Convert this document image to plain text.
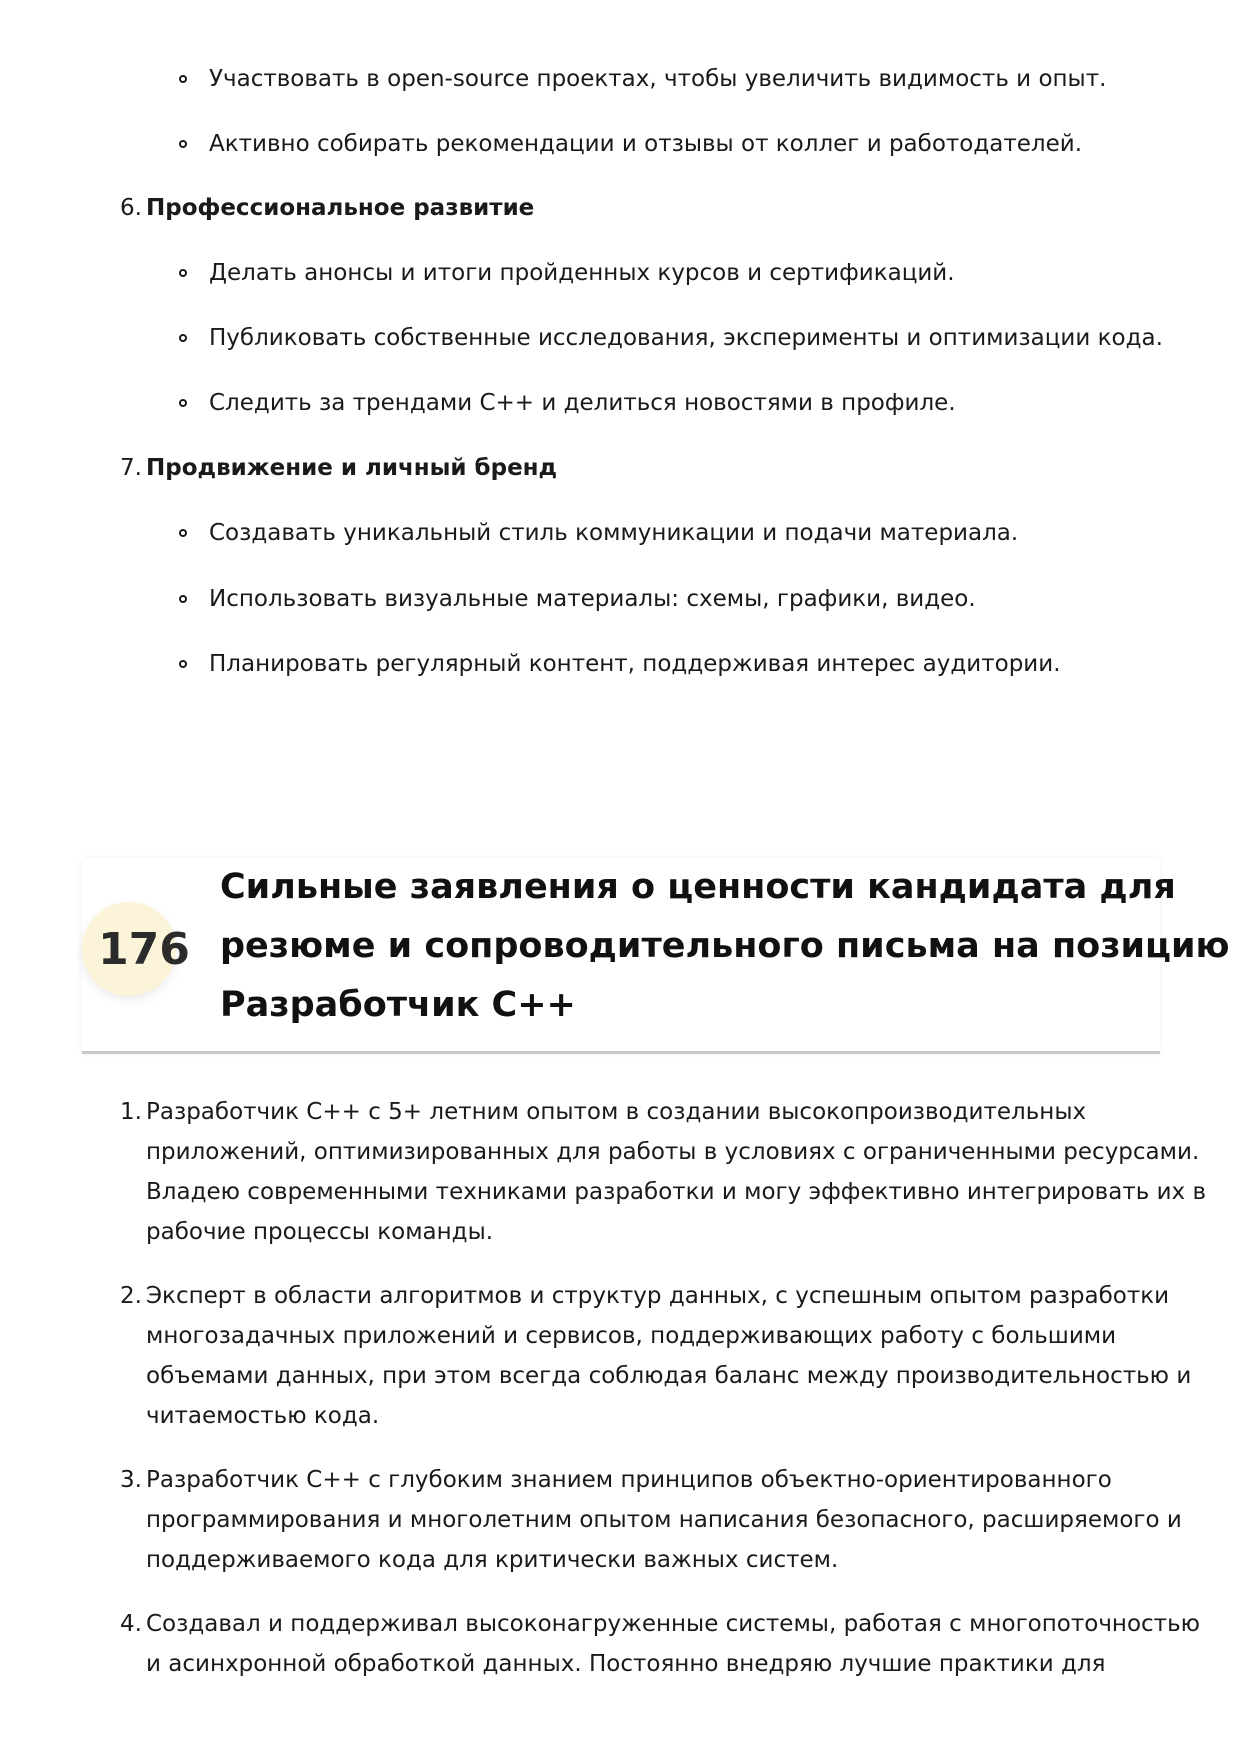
Участвовать в open-source проектах, чтобы увеличить видимость и опыт.
Активно собирать рекомендации и отзывы от коллег и работодателей.
6. Профессиональное развитие
Делать анонсы и итоги пройденных курсов и сертификаций.
Публиковать собственные исследования, эксперименты и оптимизации кода.
Следить за трендами C++ и делиться новостями в профиле.
7. Продвижение и личный бренд
Создавать уникальный стиль коммуникации и подачи материала.
Использовать визуальные материалы: схемы, графики, видео.
Планировать регулярный контент, поддерживая интерес аудитории.
176
Сильные заявления о ценности кандидата для
резюме и сопроводительного письма на позицию
Разработчик C++
1. Разработчик C++ с 5+ летним опытом в создании высокопроизводительных
приложений, оптимизированных для работы в условиях с ограниченными ресурсами.
Владею современными техниками разработки и могу эффективно интегрировать их в
рабочие процессы команды.
2. Эксперт в области алгоритмов и структур данных, с успешным опытом разработки
многозадачных приложений и сервисов, поддерживающих работу с большими
объемами данных, при этом всегда соблюдая баланс между производительностью и
читаемостью кода.
3. Разработчик C++ с глубоким знанием принципов объектно-ориентированного
программирования и многолетним опытом написания безопасного, расширяемого и
поддерживаемого кода для критически важных систем.
4. Создавал и поддерживал высоконагруженные системы, работая с многопоточностью
и асинхронной обработкой данных. Постоянно внедряю лучшие практики для
